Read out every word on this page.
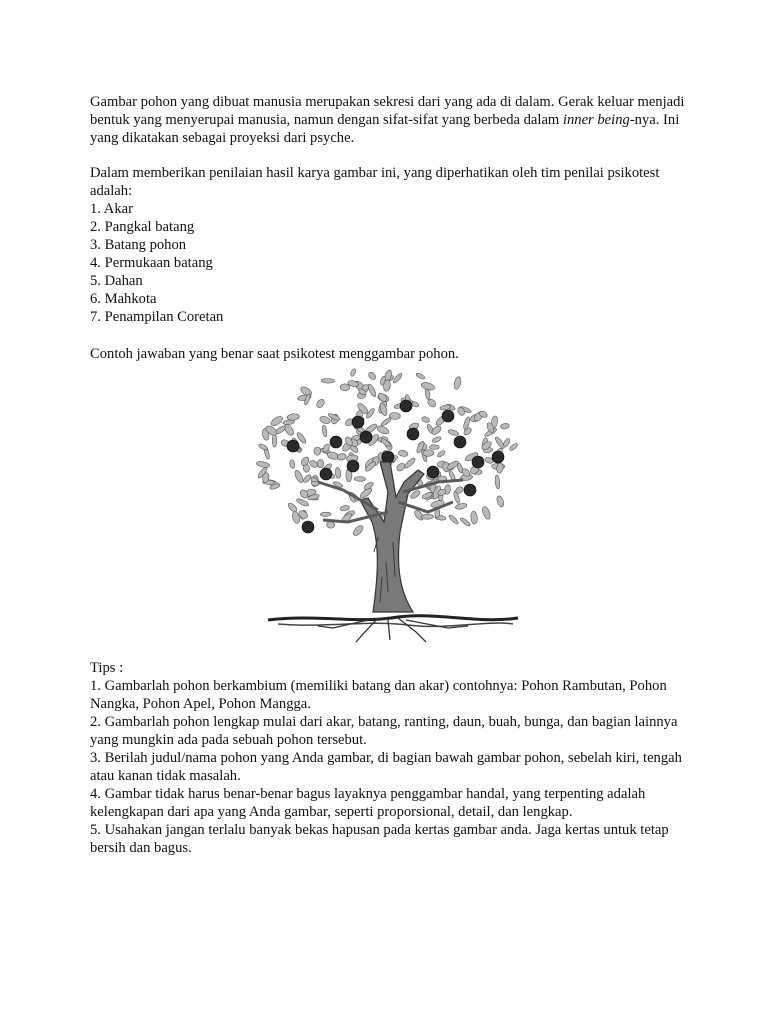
Gambar pohon yang dibuat manusia merupakan sekresi dari yang ada di dalam. Gerak keluar menjadi bentuk yang menyerupai manusia, namun dengan sifat-sifat yang berbeda dalam inner being-nya. Ini yang dikatakan sebagai proyeksi dari psyche.

Dalam memberikan penilaian hasil karya gambar ini, yang diperhatikan oleh tim penilai psikotest adalah:

1. Akar
2. Pangkal batang
3. Batang pohon
4. Permukaan batang
5. Dahan
6. Mahkota
7. Penampilan Coretan

Contoh jawaban yang benar saat psikotest menggambar pohon.

Tips :
1. Gambarlah pohon berkambium (memiliki batang dan akar) contohnya: Pohon Rambutan, Pohon Nangka, Pohon Apel, Pohon Mangga.
2. Gambarlah pohon lengkap mulai dari akar, batang, ranting, daun, buah, bunga, dan bagian lainnya yang mungkin ada pada sebuah pohon tersebut.
3. Berilah judul/nama pohon yang Anda gambar, di bagian bawah gambar pohon, sebelah kiri, tengah atau kanan tidak masalah.
4. Gambar tidak harus benar-benar bagus layaknya penggambar handal, yang terpenting adalah kelengkapan dari apa yang Anda gambar, seperti proporsional, detail, dan lengkap.
5. Usahakan jangan terlalu banyak bekas hapusan pada kertas gambar anda. Jaga kertas untuk tetap bersih dan bagus.
